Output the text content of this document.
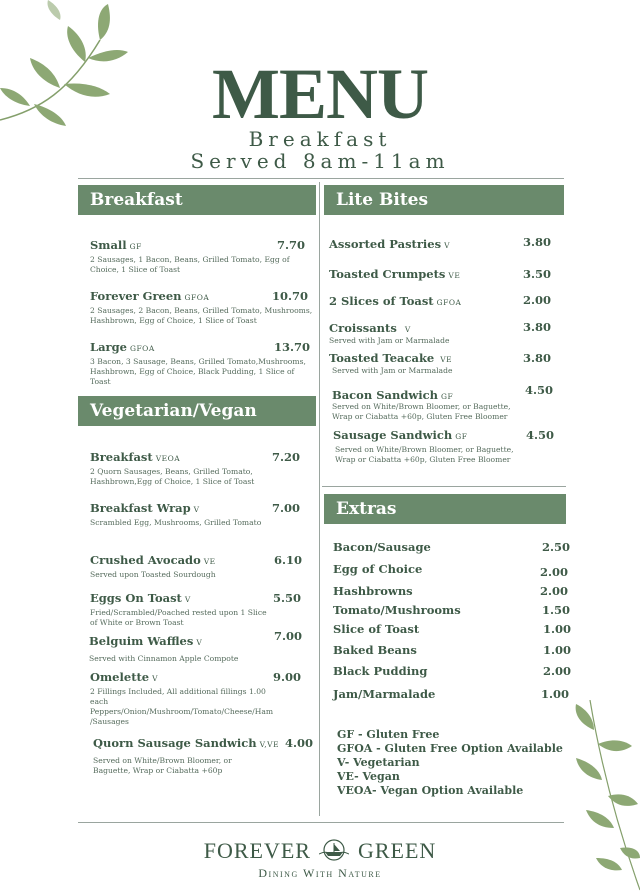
MENU
Breakfast
Served 8am-11am
Breakfast	Lite Bites
Vegetarian/Vegan
Extras
Small GF	7.70
2 Sausages, 1 Bacon, Beans, Grilled Tomato, Egg of Choice, 1 Slice of Toast
Forever Green GFOA	10.70
2 Sausages, 2 Bacon, Beans, Grilled Tomato, Mushrooms, Hashbrown, Egg of Choice, 1 Slice of Toast
Large GFOA	13.70
3 Bacon, 3 Sausage, Beans, Grilled Tomato,Mushrooms, Hashbrown, Egg of Choice, Black Pudding, 1 Slice of Toast
Breakfast VEOA	7.20
2 Quorn Sausages, Beans, Grilled Tomato, Hashbrown,Egg of Choice, 1 Slice of Toast
Breakfast Wrap V	7.00
Scrambled Egg, Mushrooms, Grilled Tomato
Crushed Avocado VE	6.10
Served upon Toasted Sourdough
Eggs On Toast V	5.50
Fried/Scrambled/Poached rested upon 1 Slice of White or Brown Toast
Belguim Waffles V	7.00
Served with Cinnamon Apple Compote
Omelette V	9.00
2 Fillings Included, All additional fillings 1.00 each Peppers/Onion/Mushroom/Tomato/Cheese/Ham /Sausages
Quorn Sausage Sandwich V,VE 4.00
Served on White/Brown Bloomer, or Baguette, Wrap or Ciabatta +60p
Assorted Pastries V	3.80
Toasted Crumpets VE	3.50
2 Slices of Toast GFOA	2.00
Croissants V	3.80
Served with Jam or Marmalade
Toasted Teacake VE	3.80
Served with Jam or Marmalade
Bacon Sandwich GF	4.50
Served on White/Brown Bloomer, or Baguette, Wrap or Ciabatta +60p, Gluten Free Bloomer
Sausage Sandwich GF	4.50
Served on White/Brown Bloomer, or Baguette, Wrap or Ciabatta +60p, Gluten Free Bloomer
Bacon/Sausage	2.50
Egg of Choice	2.00
Hashbrowns	2.00
Tomato/Mushrooms	1.50
Slice of Toast	1.00
Baked Beans	1.00
Black Pudding	2.00
Jam/Marmalade	1.00
GF - Gluten Free
GFOA - Gluten Free Option Available
V- Vegetarian
VE- Vegan
VEOA- Vegan Option Available
FOREVER GREEN
Dining With Nature
